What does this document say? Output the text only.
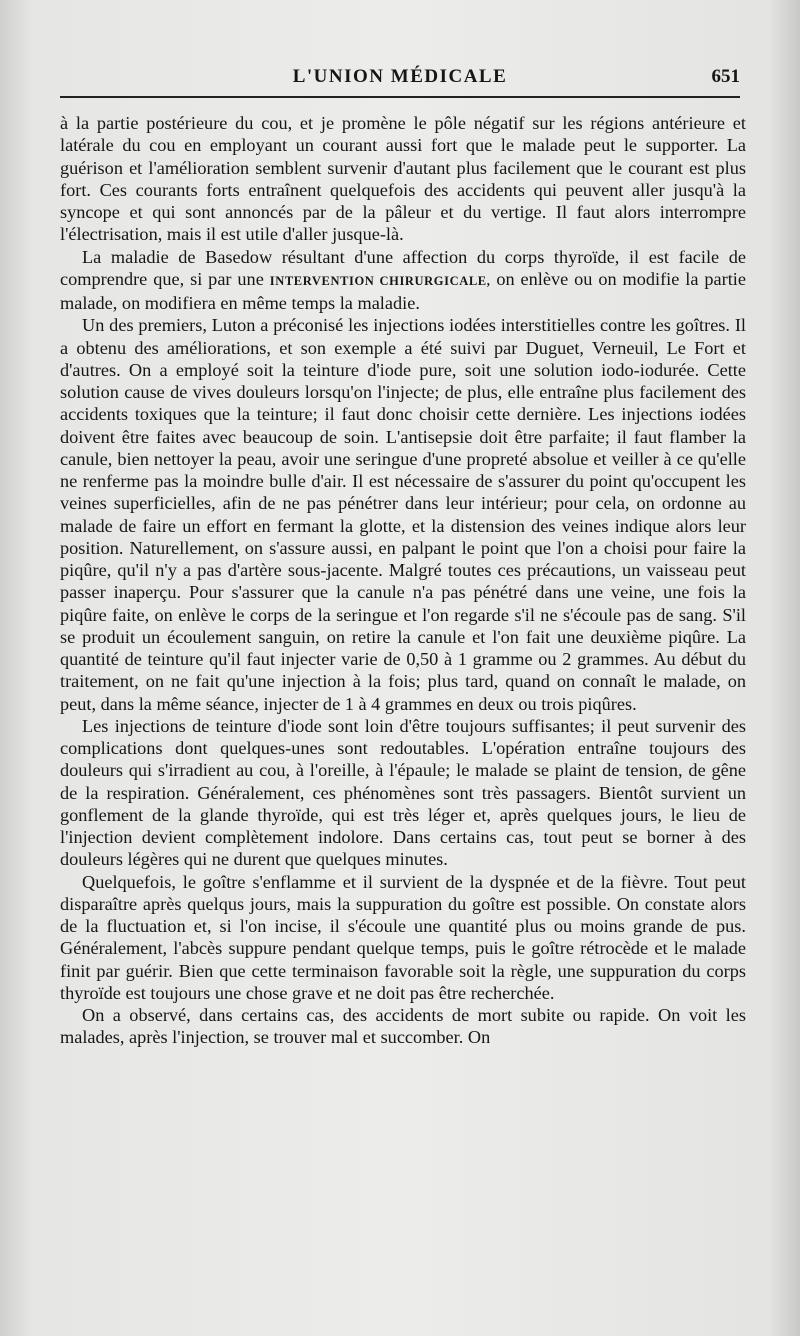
L'UNION MÉDICALE	651

à la partie postérieure du cou, et je promène le pôle négatif sur les régions antérieure et latérale du cou en employant un courant aussi fort que le malade peut le supporter. La guérison et l'amélioration semblent survenir d'autant plus facilement que le courant est plus fort. Ces courants forts entraînent quelquefois des accidents qui peuvent aller jusqu'à la syncope et qui sont annoncés par de la pâleur et du vertige. Il faut alors interrompre l'électrisation, mais il est utile d'aller jusque-là.

La maladie de Basedow résultant d'une affection du corps thyroïde, il est facile de comprendre que, si par une INTERVENTION CHIRURGICALE, on enlève ou on modifie la partie malade, on modifiera en même temps la maladie.

Un des premiers, Luton a préconisé les injections iodées interstitielles contre les goîtres. Il a obtenu des améliorations, et son exemple a été suivi par Duguet, Verneuil, Le Fort et d'autres. On a employé soit la teinture d'iode pure, soit une solution iodo-iodurée. Cette solution cause de vives douleurs lorsqu'on l'injecte; de plus, elle entraîne plus facilement des accidents toxiques que la teinture; il faut donc choisir cette dernière. Les injections iodées doivent être faites avec beaucoup de soin. L'antisepsie doit être parfaite; il faut flamber la canule, bien nettoyer la peau, avoir une seringue d'une propreté absolue et veiller à ce qu'elle ne renferme pas la moindre bulle d'air. Il est nécessaire de s'assurer du point qu'occupent les veines superficielles, afin de ne pas pénétrer dans leur intérieur; pour cela, on ordonne au malade de faire un effort en fermant la glotte, et la distension des veines indique alors leur position. Naturellement, on s'assure aussi, en palpant le point que l'on a choisi pour faire la piqûre, qu'il n'y a pas d'artère sous-jacente. Malgré toutes ces précautions, un vaisseau peut passer inaperçu. Pour s'assurer que la canule n'a pas pénétré dans une veine, une fois la piqûre faite, on enlève le corps de la seringue et l'on regarde s'il ne s'écoule pas de sang. S'il se produit un écoulement sanguin, on retire la canule et l'on fait une deuxième piqûre. La quantité de teinture qu'il faut injecter varie de 0,50 à 1 gramme ou 2 grammes. Au début du traitement, on ne fait qu'une injection à la fois; plus tard, quand on connaît le malade, on peut, dans la même séance, injecter de 1 à 4 grammes en deux ou trois piqûres.

Les injections de teinture d'iode sont loin d'être toujours suffisantes; il peut survenir des complications dont quelques-unes sont redoutables. L'opération entraîne toujours des douleurs qui s'irradient au cou, à l'oreille, à l'épaule; le malade se plaint de tension, de gêne de la respiration. Généralement, ces phénomènes sont très passagers. Bientôt survient un gonflement de la glande thyroïde, qui est très léger et, après quelques jours, le lieu de l'injection devient complètement indolore. Dans certains cas, tout peut se borner à des douleurs légères qui ne durent que quelques minutes.

Quelquefois, le goître s'enflamme et il survient de la dyspnée et de la fièvre. Tout peut disparaître après quelqus jours, mais la suppuration du goître est possible. On constate alors de la fluctuation et, si l'on incise, il s'écoule une quantité plus ou moins grande de pus. Généralement, l'abcès suppure pendant quelque temps, puis le goître rétrocède et le malade finit par guérir. Bien que cette terminaison favorable soit la règle, une suppuration du corps thyroïde est toujours une chose grave et ne doit pas être recherchée.

On a observé, dans certains cas, des accidents de mort subite ou rapide. On voit les malades, après l'injection, se trouver mal et succomber. On
